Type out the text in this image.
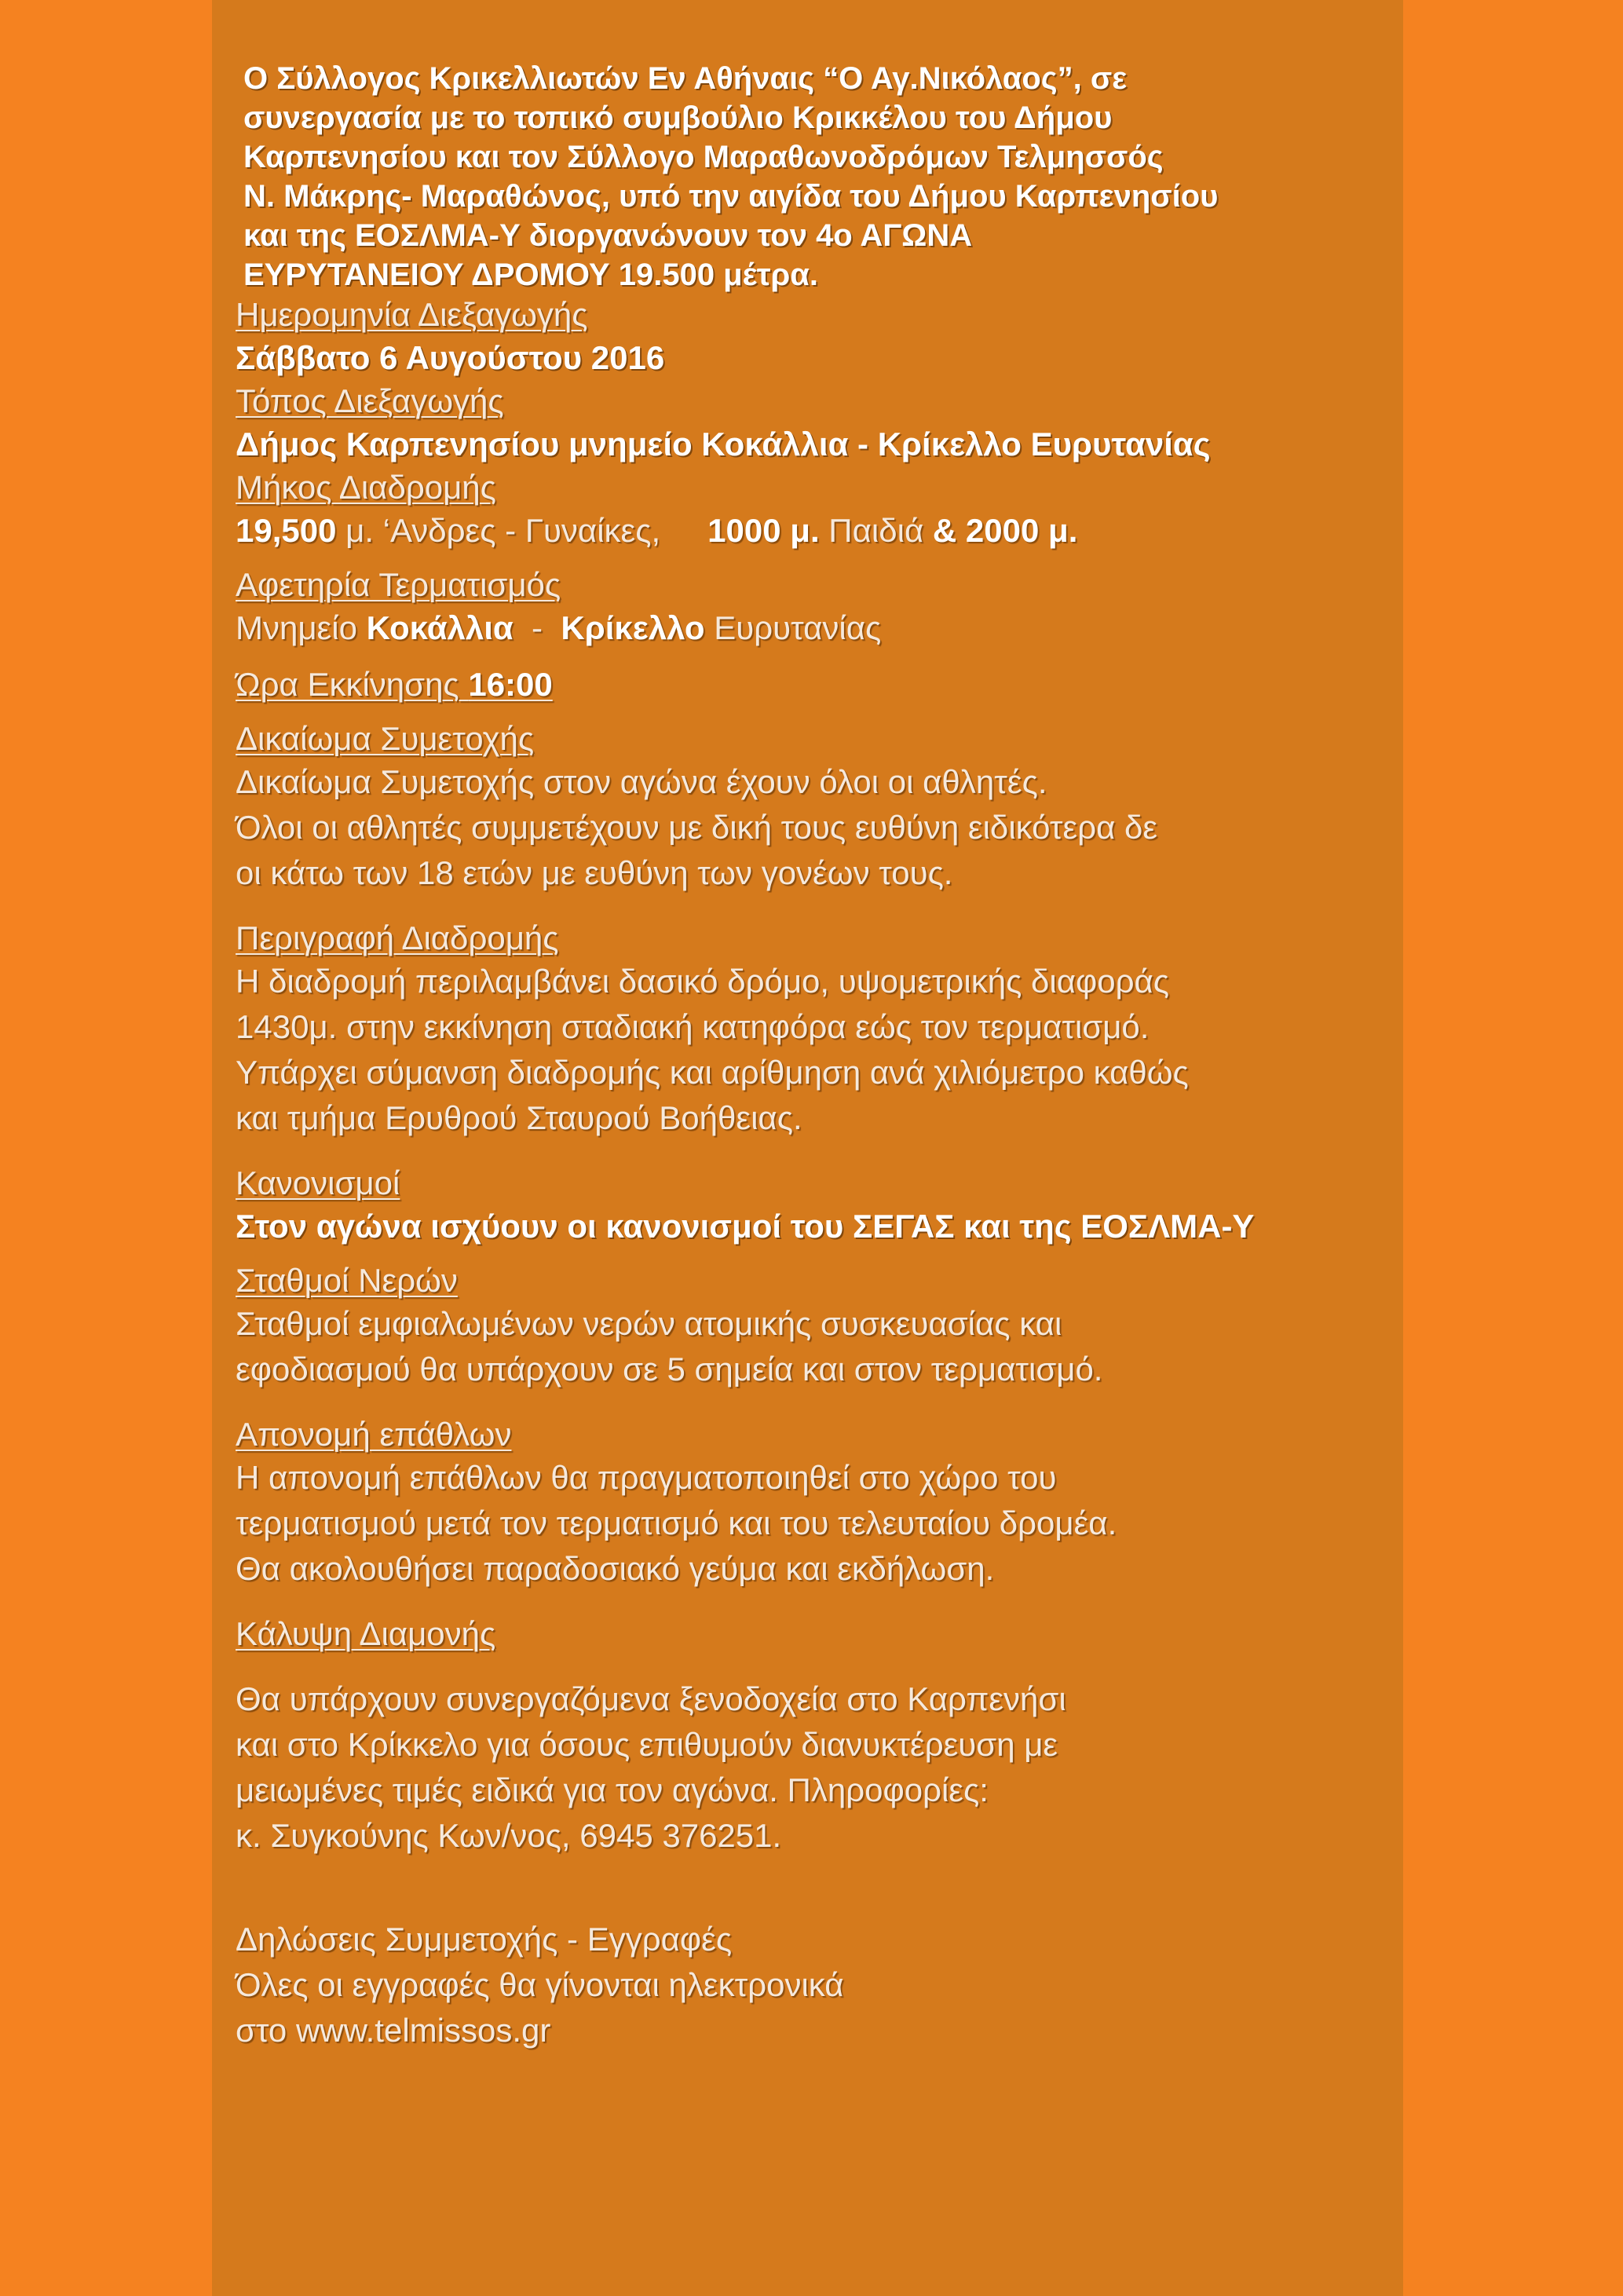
Ο Σύλλογος Κρικελλιωτών Εν Αθήναις “Ο Αγ.Νικόλαος”, σε
συνεργασία με το τοπικό συμβούλιο Κρικκέλου του Δήμου
Καρπενησίου και τον Σύλλογο Μαραθωνοδρόμων Τελμησσός
Ν. Μάκρης- Μαραθώνος, υπό την αιγίδα του Δήμου Καρπενησίου
και της ΕΟΣΛΜΑ-Υ διοργανώνουν τον 4ο ΑΓΩΝΑ
ΕΥΡΥΤΑΝΕΙΟΥ ΔΡΟΜΟΥ 19.500 μέτρα.
Ημερομηνία Διεξαγωγής
Σάββατο 6 Αυγούστου 2016
Τόπος Διεξαγωγής
Δήμος Καρπενησίου μνημείο Κοκάλλια - Κρίκελλο Ευρυτανίας
Μήκος Διαδρομής
19,500 μ. ‘Ανδρες - Γυναίκες, 1000 μ. Παιδιά & 2000 μ.
Αφετηρία Τερματισμός
Μνημείο Κοκάλλια  -  Κρίκελλο Ευρυτανίας
Ώρα Εκκίνησης 16:00
Δικαίωμα Συμετοχής
Δικαίωμα Συμετοχής στον αγώνα έχουν όλοι οι αθλητές.
Όλοι οι αθλητές συμμετέχουν με δική τους ευθύνη ειδικότερα δε
οι κάτω των 18 ετών με ευθύνη των γονέων τους.
Περιγραφή Διαδρομής
Η διαδρομή περιλαμβάνει δασικό δρόμο, υψομετρικής διαφοράς
1430μ. στην εκκίνηση σταδιακή κατηφόρα εώς τον τερματισμό.
Υπάρχει σύμανση διαδρομής και αρίθμηση ανά χιλιόμετρο καθώς
και τμήμα Ερυθρού Σταυρού Βοήθειας.
Κανονισμοί
Στον αγώνα ισχύουν οι κανονισμοί του ΣΕΓΑΣ και της ΕΟΣΛΜΑ-Υ
Σταθμοί Νερών
Σταθμοί εμφιαλωμένων νερών ατομικής συσκευασίας και
εφοδιασμού θα υπάρχουν σε 5 σημεία και στον τερματισμό.
Απονομή επάθλων
Η απονομή επάθλων θα πραγματοποιηθεί στο χώρο του
τερματισμού μετά τον τερματισμό και του τελευταίου δρομέα.
Θα ακολουθήσει παραδοσιακό γεύμα και εκδήλωση.
Κάλυψη Διαμονής
Θα υπάρχουν συνεργαζόμενα ξενοδοχεία στο Καρπενήσι
και στο Κρίκκελο για όσους επιθυμούν διανυκτέρευση με
μειωμένες τιμές ειδικά για τον αγώνα. Πληροφορίες:
κ. Συγκούνης Κων/νος, 6945 376251.
Δηλώσεις Συμμετοχής - Εγγραφές
Όλες οι εγγραφές θα γίνονται ηλεκτρονικά
στο www.telmissos.gr
